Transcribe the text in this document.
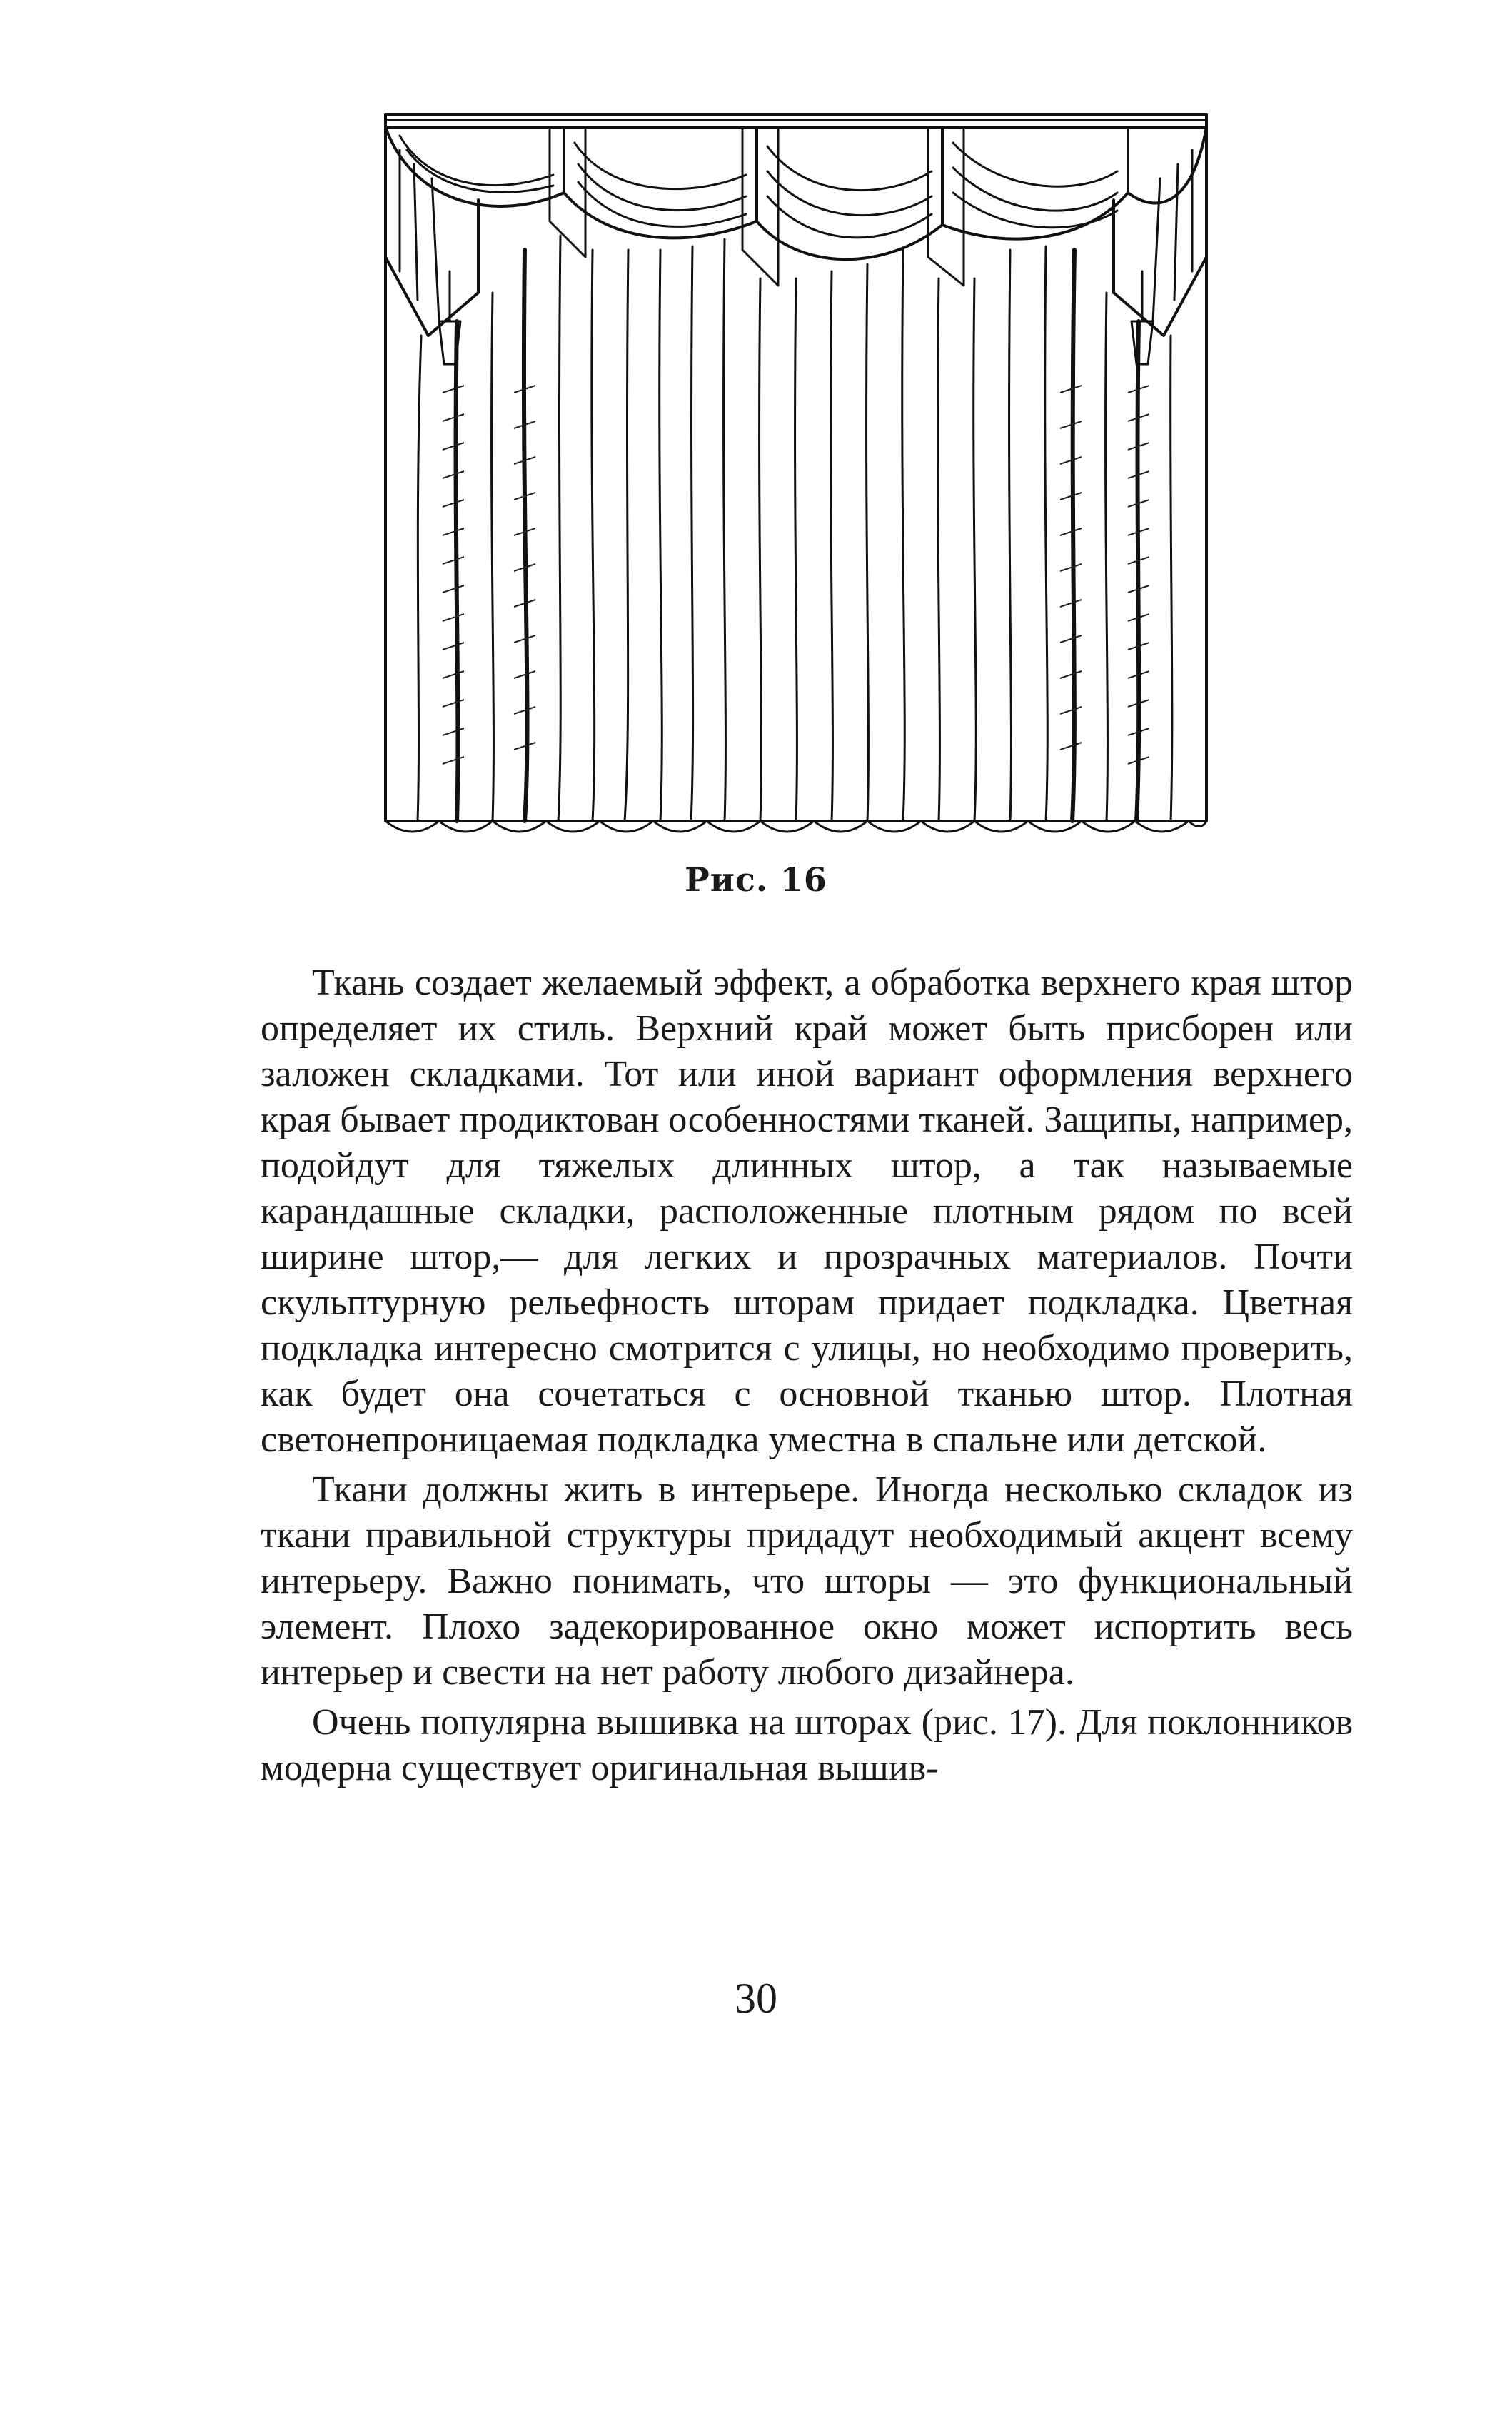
Рис. 16

Ткань создает желаемый эффект, а обработка верхнего края штор определяет их стиль. Верхний край может быть присборен или заложен складками. Тот или иной вариант оформления верхнего края бывает продиктован особенностями тканей. Защипы, например, подойдут для тяжелых длинных штор, а так называемые карандашные складки, расположенные плотным рядом по всей ширине штор,— для легких и прозрачных материалов. Почти скульптурную рельефность шторам придает подкладка. Цветная подкладка интересно смотрится с улицы, но необходимо проверить, как будет она сочетаться с основной тканью штор. Плотная светонепроницаемая подкладка уместна в спальне или детской.

Ткани должны жить в интерьере. Иногда несколько складок из ткани правильной структуры придадут необходимый акцент всему интерьеру. Важно понимать, что шторы — это функциональный элемент. Плохо задекорированное окно может испортить весь интерьер и свести на нет работу любого дизайнера.

Очень популярна вышивка на шторах (рис. 17). Для поклонников модерна существует оригинальная вышив-

30
